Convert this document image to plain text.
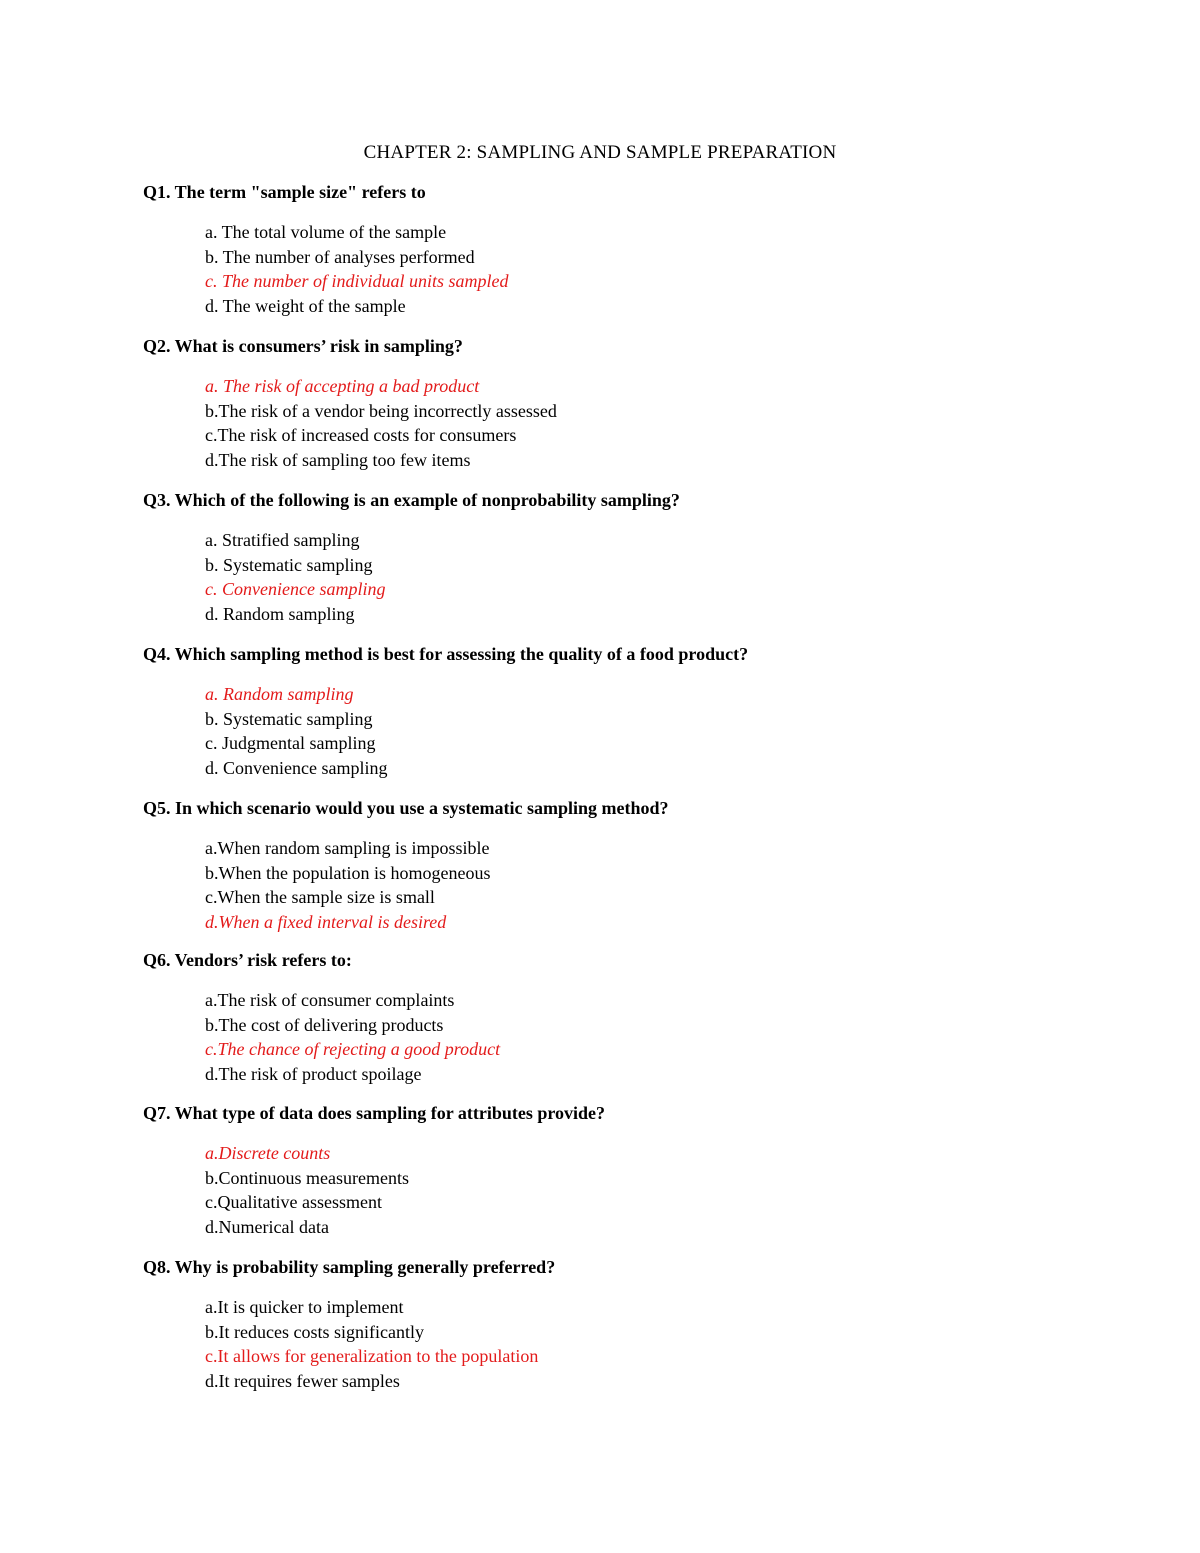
CHAPTER 2: SAMPLING AND SAMPLE PREPARATION

Q1. The term "sample size" refers to

a. The total volume of the sample
b. The number of analyses performed
c. The number of individual units sampled
d. The weight of the sample

Q2. What is consumers’ risk in sampling?

a. The risk of accepting a bad product
b.The risk of a vendor being incorrectly assessed
c.The risk of increased costs for consumers
d.The risk of sampling too few items

Q3. Which of the following is an example of nonprobability sampling?

a. Stratified sampling
b. Systematic sampling
c. Convenience sampling
d. Random sampling

Q4. Which sampling method is best for assessing the quality of a food product?

a. Random sampling
b. Systematic sampling
c. Judgmental sampling
d. Convenience sampling

Q5. In which scenario would you use a systematic sampling method?

a.When random sampling is impossible
b.When the population is homogeneous
c.When the sample size is small
d.When a fixed interval is desired

Q6. Vendors’ risk refers to:

a.The risk of consumer complaints
b.The cost of delivering products
c.The chance of rejecting a good product
d.The risk of product spoilage

Q7. What type of data does sampling for attributes provide?

a.Discrete counts
b.Continuous measurements
c.Qualitative assessment
d.Numerical data

Q8. Why is probability sampling generally preferred?

a.It is quicker to implement
b.It reduces costs significantly
c.It allows for generalization to the population
d.It requires fewer samples
